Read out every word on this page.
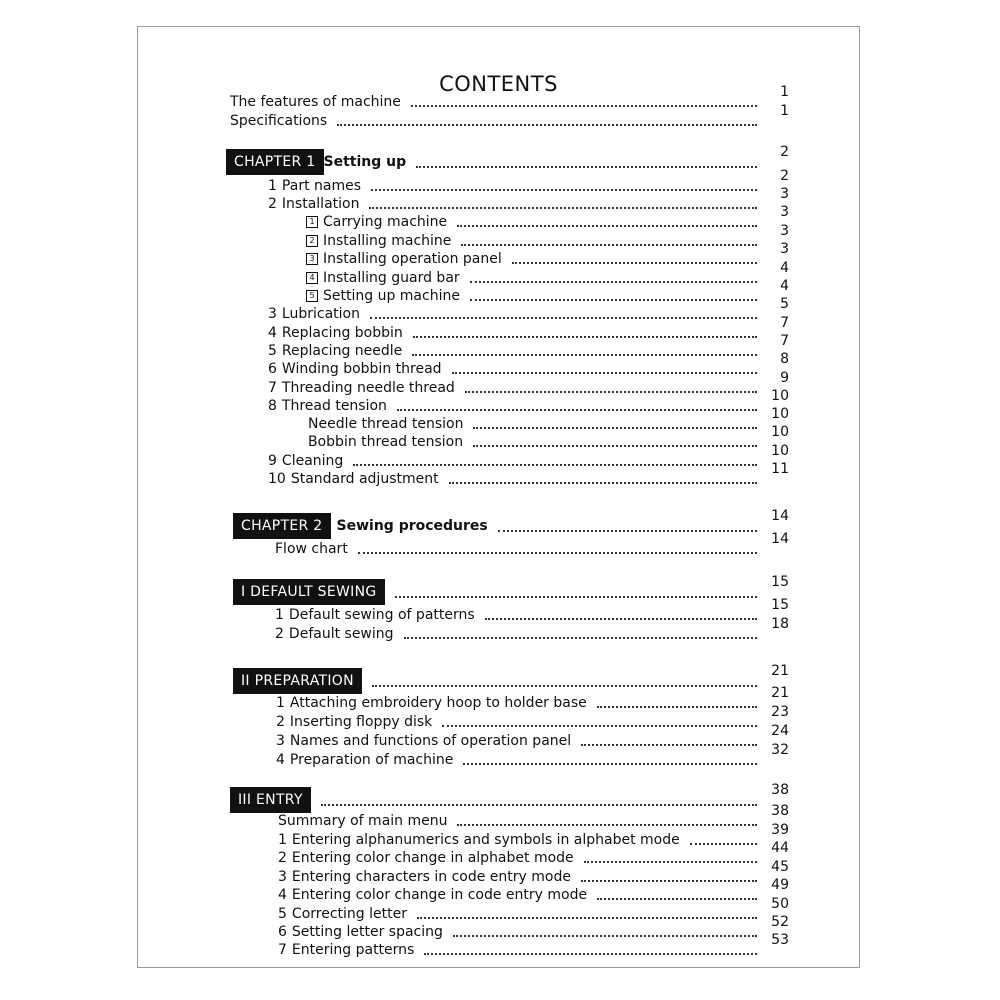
CONTENTS
The features of machine
1
Specifications
1
CHAPTER 1 Setting up
2
CHAPTER 2	Sewing procedures
14
I DEFAULT SEWING
15
II PREPARATION
21
III ENTRY
38
1 Part names
2
2 Installation
3
1 Carrying machine
3
2 Installing machine
3
3 Installing operation panel
3
4 Installing guard bar
4
5 Setting up machine
4
3 Lubrication
5
4 Replacing bobbin
7
5 Replacing needle
7
6 Winding bobbin thread
8
7 Threading needle thread
9
8 Thread tension
10
Needle thread tension
10
Bobbin thread tension
10
9 Cleaning
10
10 Standard adjustment
11
Flow chart
14
1 Default sewing of patterns
15
2 Default sewing
18
1 Attaching embroidery hoop to holder base
21
2 Inserting floppy disk
23
3 Names and functions of operation panel
24
4 Preparation of machine
32
Summary of main menu
38
1 Entering alphanumerics and symbols in alphabet mode
39
2 Entering color change in alphabet mode
44
3 Entering characters in code entry mode
45
4 Entering color change in code entry mode
49
5 Correcting letter
50
6 Setting letter spacing
52
7 Entering patterns
53
